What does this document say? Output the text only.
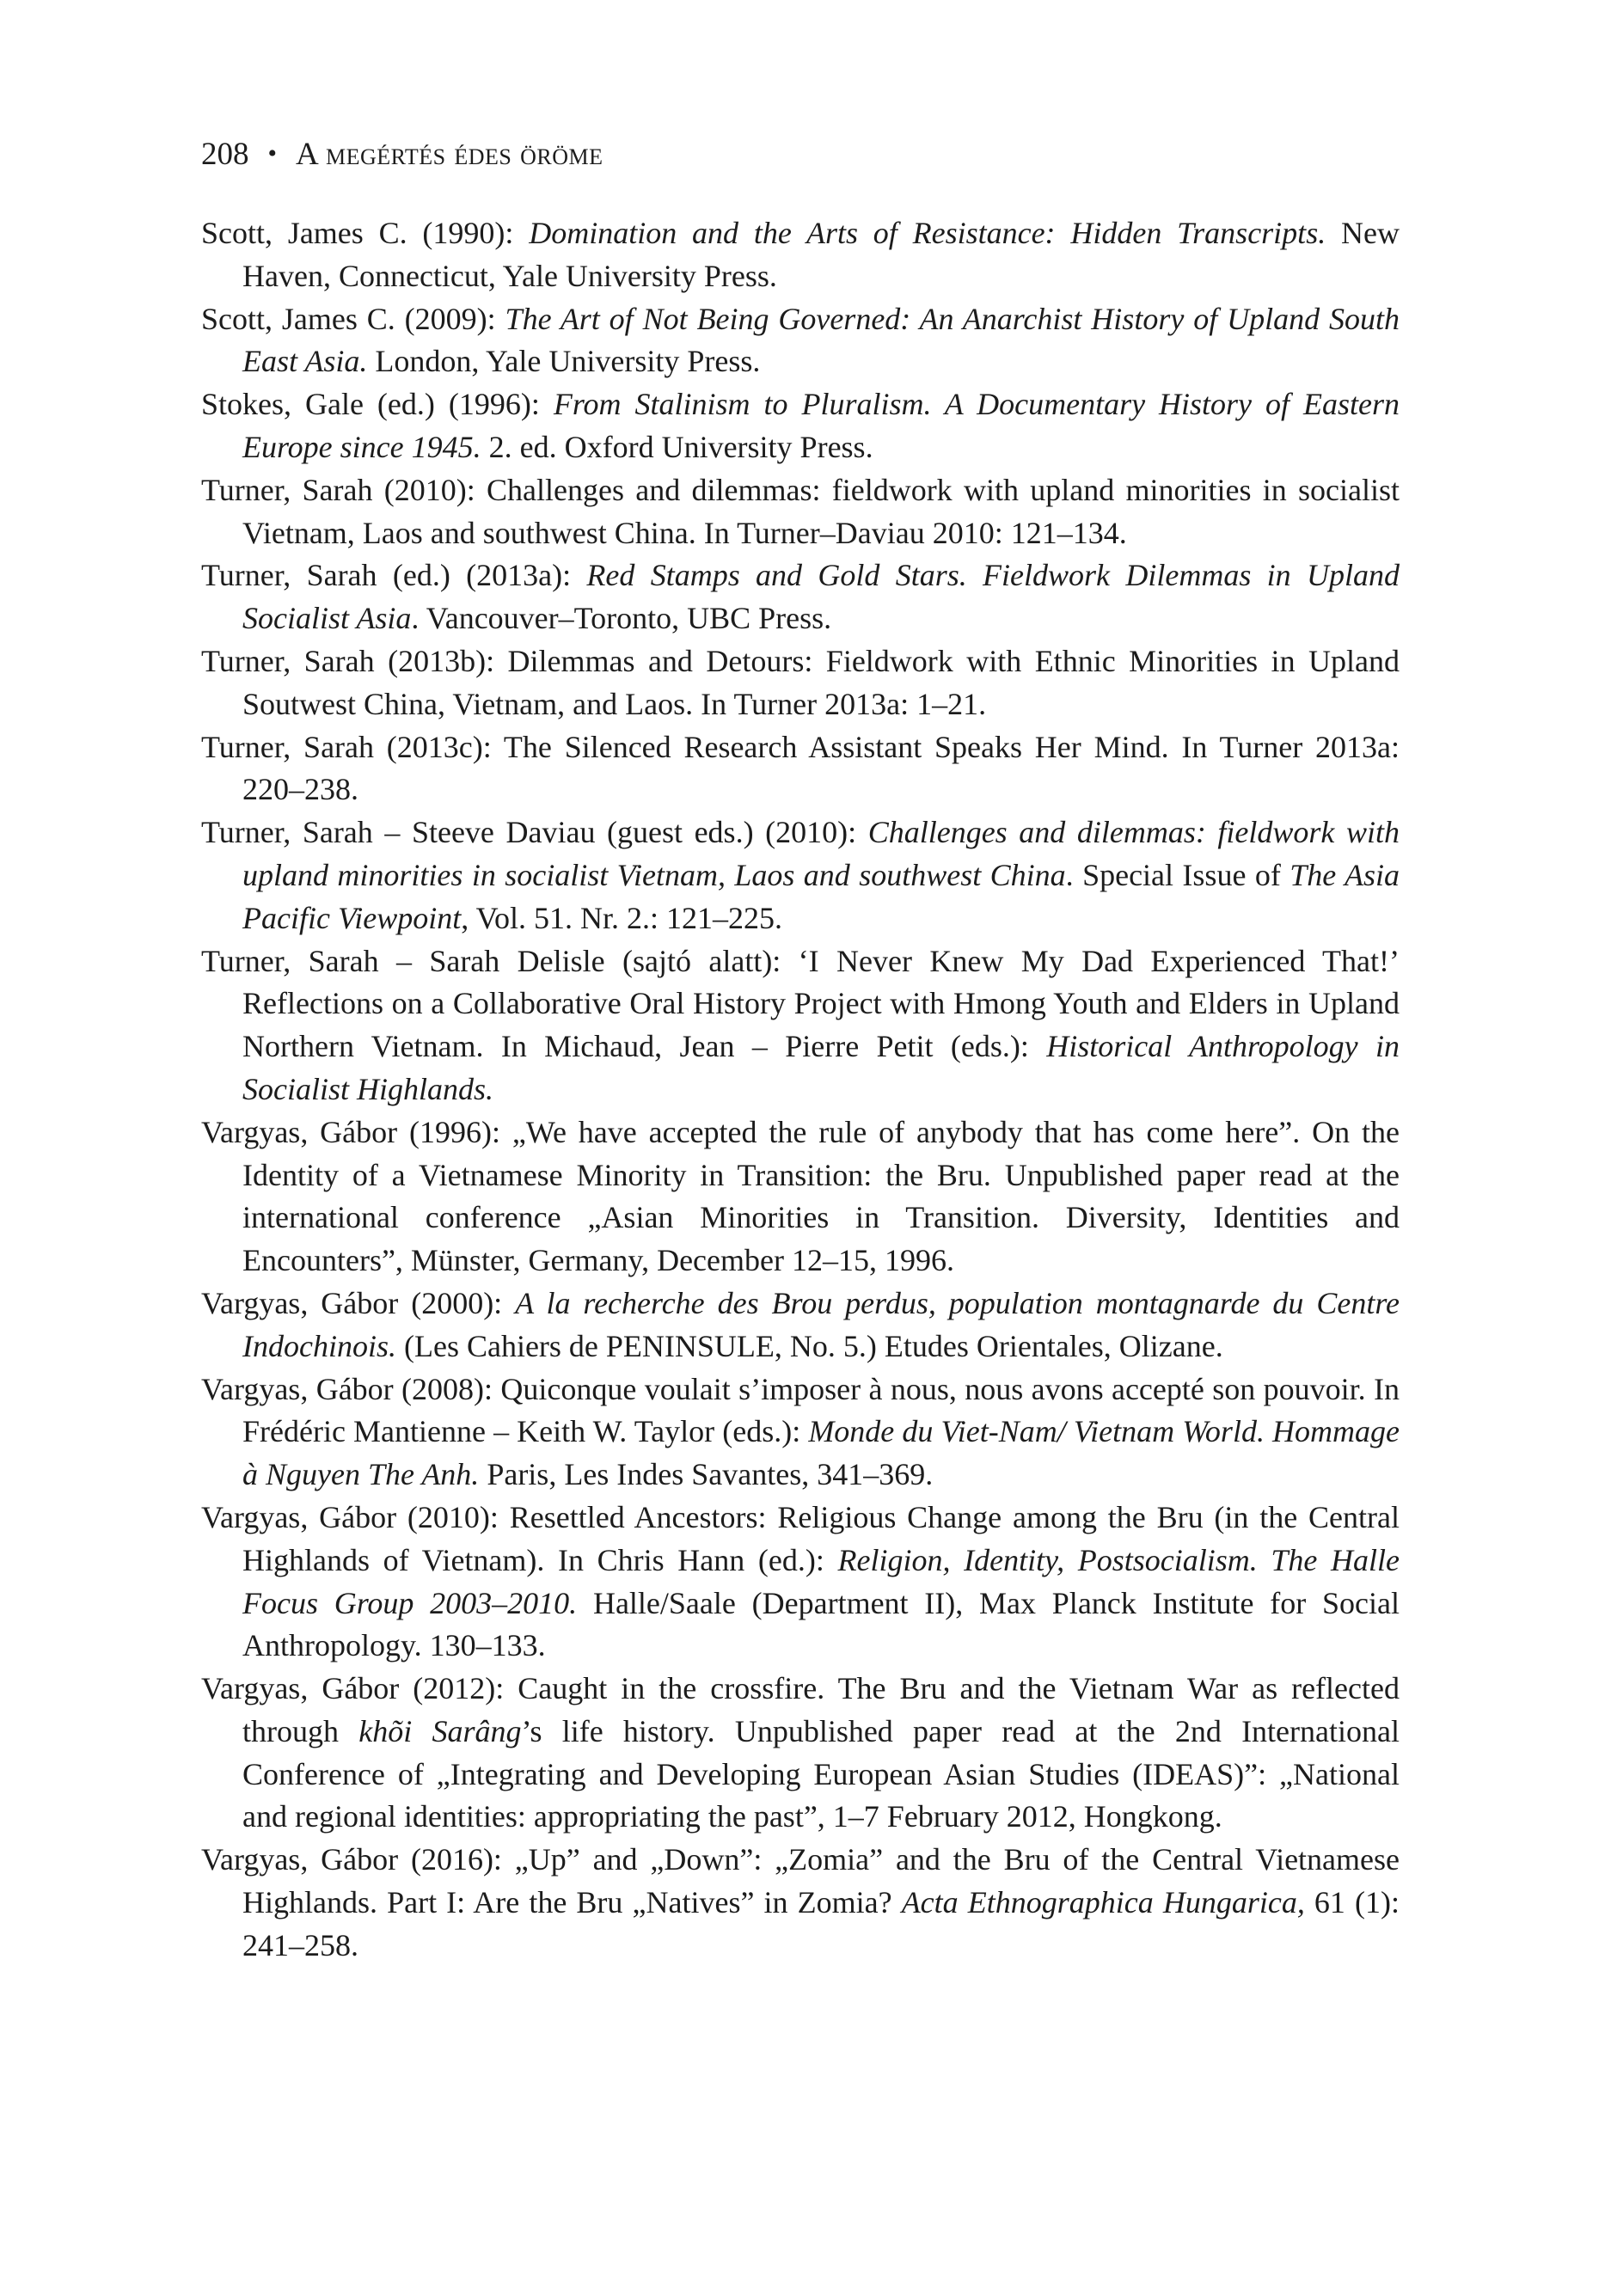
208 • A megértés édes öröme
Scott, James C. (1990): Domination and the Arts of Resistance: Hidden Transcripts. New Haven, Connecticut, Yale University Press.
Scott, James C. (2009): The Art of Not Being Governed: An Anarchist History of Upland South East Asia. London, Yale University Press.
Stokes, Gale (ed.) (1996): From Stalinism to Pluralism. A Documentary History of Eastern Europe since 1945. 2. ed. Oxford University Press.
Turner, Sarah (2010): Challenges and dilemmas: fieldwork with upland minorities in socialist Vietnam, Laos and southwest China. In Turner–Daviau 2010: 121–134.
Turner, Sarah (ed.) (2013a): Red Stamps and Gold Stars. Fieldwork Dilemmas in Upland Socialist Asia. Vancouver–Toronto, UBC Press.
Turner, Sarah (2013b): Dilemmas and Detours: Fieldwork with Ethnic Minorities in Upland Soutwest China, Vietnam, and Laos. In Turner 2013a: 1–21.
Turner, Sarah (2013c): The Silenced Research Assistant Speaks Her Mind. In Turner 2013a: 220–238.
Turner, Sarah – Steeve Daviau (guest eds.) (2010): Challenges and dilemmas: fieldwork with upland minorities in socialist Vietnam, Laos and southwest China. Special Issue of The Asia Pacific Viewpoint, Vol. 51. Nr. 2.: 121–225.
Turner, Sarah – Sarah Delisle (sajtó alatt): ‘I Never Knew My Dad Experienced That!’ Reflections on a Collaborative Oral History Project with Hmong Youth and Elders in Upland Northern Vietnam. In Michaud, Jean – Pierre Petit (eds.): Historical Anthropology in Socialist Highlands.
Vargyas, Gábor (1996): „We have accepted the rule of anybody that has come here”. On the Identity of a Vietnamese Minority in Transition: the Bru. Unpublished paper read at the international conference „Asian Minorities in Transition. Diversity, Identities and Encounters”, Münster, Germany, December 12–15, 1996.
Vargyas, Gábor (2000): A la recherche des Brou perdus, population montagnarde du Centre Indochinois. (Les Cahiers de PENINSULE, No. 5.) Etudes Orientales, Olizane.
Vargyas, Gábor (2008): Quiconque voulait s’imposer à nous, nous avons accepté son pouvoir. In Frédéric Mantienne – Keith W. Taylor (eds.): Monde du Viet-Nam/ Vietnam World. Hommage à Nguyen The Anh. Paris, Les Indes Savantes, 341–369.
Vargyas, Gábor (2010): Resettled Ancestors: Religious Change among the Bru (in the Central Highlands of Vietnam). In Chris Hann (ed.): Religion, Identity, Postsocialism. The Halle Focus Group 2003–2010. Halle/Saale (Department II), Max Planck Institute for Social Anthropology. 130–133.
Vargyas, Gábor (2012): Caught in the crossfire. The Bru and the Vietnam War as reflected through khõi Sarâng’s life history. Unpublished paper read at the 2nd International Conference of „Integrating and Developing European Asian Studies (IDEAS)”: „National and regional identities: appropriating the past”, 1–7 February 2012, Hongkong.
Vargyas, Gábor (2016): „Up” and „Down”: „Zomia” and the Bru of the Central Vietnamese Highlands. Part I: Are the Bru „Natives” in Zomia? Acta Ethnographica Hungarica, 61 (1): 241–258.
